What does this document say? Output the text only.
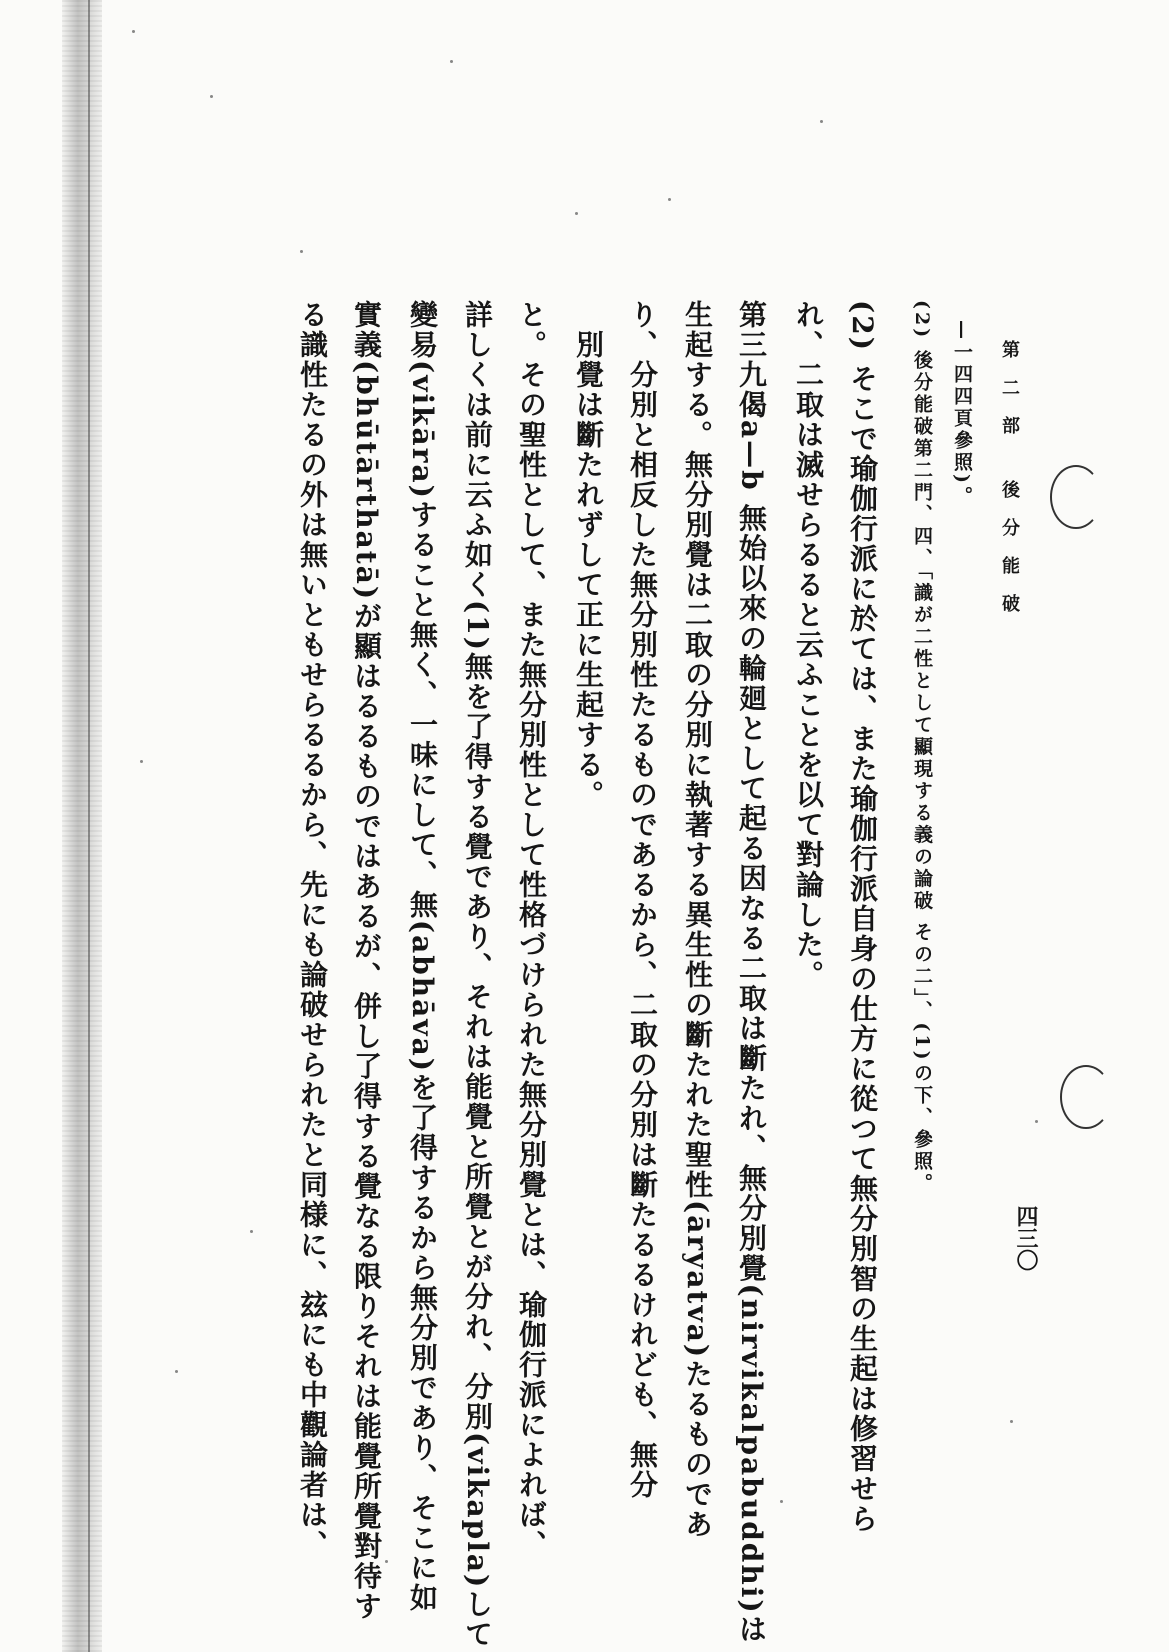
第二部 後分能破
四三〇
—一四四頁參照)。
(2) 後分能破第二門、四、「識が二性として顯現する義の論破 その二」、(1)の下、參照。
(2) そこで瑜伽行派に於ては、また瑜伽行派自身の仕方に從つて無分別智の生起は修習せら
れ、二取は滅せらるると云ふことを以て對論した。
第三九偈a—b 無始以來の輪廻として起る因なる二取は斷たれ、無分別覺(nirvikalpabuddhi)は
生起する。無分別覺は二取の分別に執著する異生性の斷たれた聖性(āryatva)たるものであ
り、分別と相反した無分別性たるものであるから、二取の分別は斷たるるけれども、無分
別覺は斷たれずして正に生起する。
と。その聖性として、また無分別性として性格づけられた無分別覺とは、瑜伽行派によれば、
詳しくは前に云ふ如く(1)無を了得する覺であり、それは能覺と所覺とが分れ、分別(vikapla)して
變易(vikāra)すること無く、一味にして、無(abhāva)を了得するから無分別であり、そこに如
實義(bhūtārthatā)が顯はるるものではあるが、併し了得する覺なる限りそれは能覺所覺對待す
る識性たるの外は無いともせらるるから、先にも論破せられたと同様に、玆にも中觀論者は、
